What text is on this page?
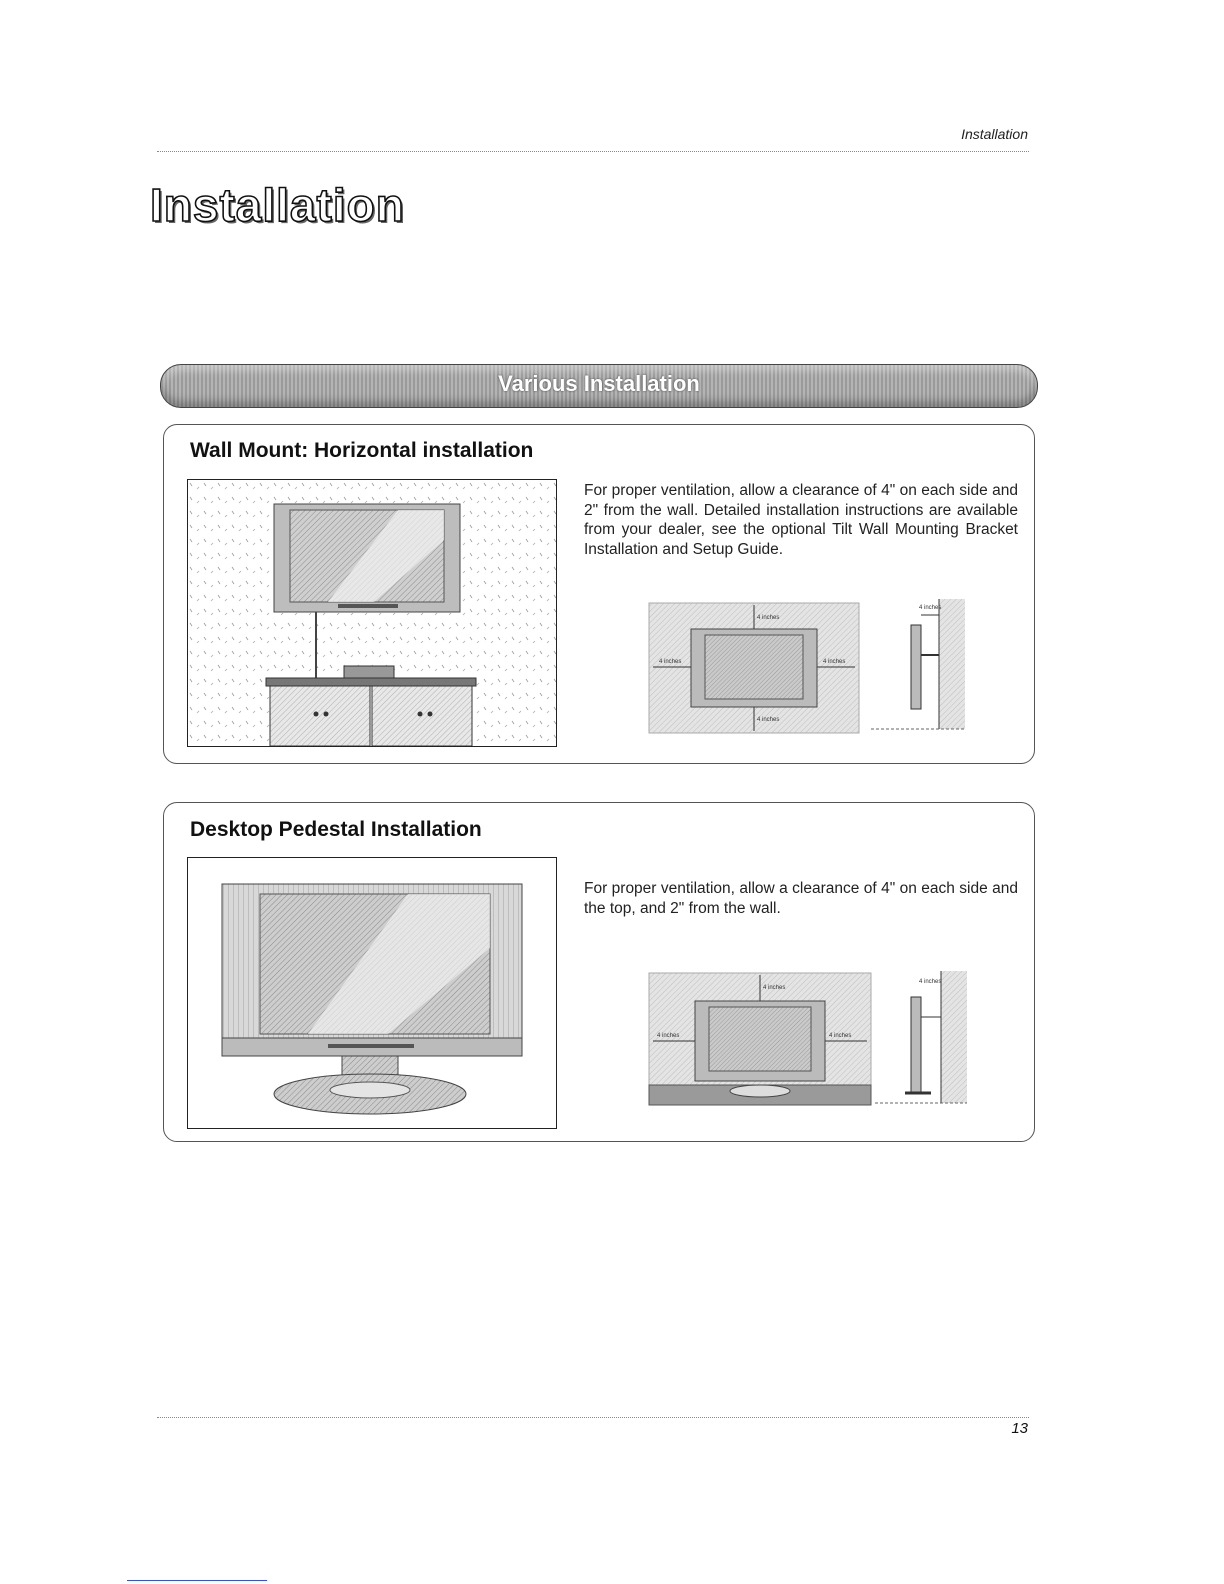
Installation
Installation
Various Installation
Wall Mount: Horizontal installation

For proper ventilation, allow a clearance of 4" on each side and 2" from the wall. Detailed installation instructions are available from your dealer, see the optional Tilt Wall Mounting Bracket Installation and Setup Guide.

4 inches
4 inches	4 inches
4 inches
4 inches
Desktop Pedestal Installation

For proper ventilation, allow a clearance of 4" on each side and the top, and 2" from the wall.

4 inches
4 inches	4 inches
4 inches
13
